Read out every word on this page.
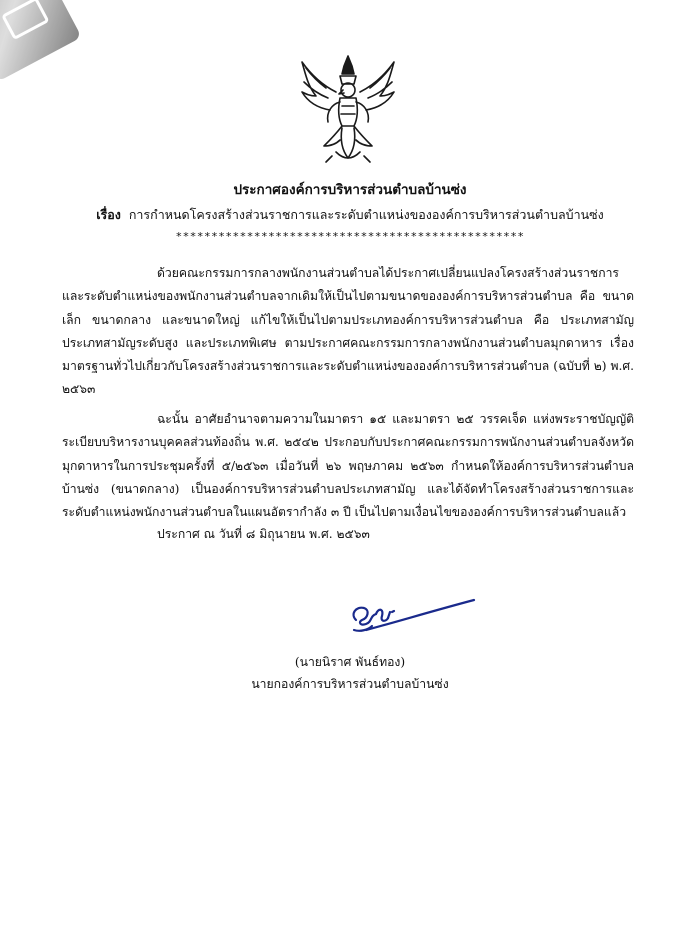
ประกาศองค์การบริหารส่วนตำบลบ้านซ่ง
เรื่อง การกำหนดโครงสร้างส่วนราชการและระดับตำแหน่งขององค์การบริหารส่วนตำบลบ้านซ่ง
*************************************************

ด้วยคณะกรรมการกลางพนักงานส่วนตำบลได้ประกาศเปลี่ยนแปลงโครงสร้างส่วนราชการและระดับตำแหน่งของพนักงานส่วนตำบลจากเดิมให้เป็นไปตามขนาดขององค์การบริหารส่วนตำบล คือ ขนาดเล็ก ขนาดกลาง และขนาดใหญ่ แก้ไขให้เป็นไปตามประเภทองค์การบริหารส่วนตำบล คือ ประเภทสามัญ ประเภทสามัญระดับสูง และประเภทพิเศษ ตามประกาศคณะกรรมการกลางพนักงานส่วนตำบลมุกดาหาร เรื่อง มาตรฐานทั่วไปเกี่ยวกับโครงสร้างส่วนราชการและระดับตำแหน่งขององค์การบริหารส่วนตำบล (ฉบับที่ ๒) พ.ศ. ๒๕๖๓

ฉะนั้น อาศัยอำนาจตามความในมาตรา ๑๕ และมาตรา ๒๕ วรรคเจ็ด แห่งพระราชบัญญัติระเบียบบริหารงานบุคคลส่วนท้องถิ่น พ.ศ. ๒๕๔๒ ประกอบกับประกาศคณะกรรมการพนักงานส่วนตำบลจังหวัดมุกดาหารในการประชุมครั้งที่ ๕/๒๕๖๓ เมื่อวันที่ ๒๖ พฤษภาคม ๒๕๖๓ กำหนดให้องค์การบริหารส่วนตำบลบ้านซ่ง (ขนาดกลาง) เป็นองค์การบริหารส่วนตำบลประเภทสามัญ และได้จัดทำโครงสร้างส่วนราชการและระดับตำแหน่งพนักงานส่วนตำบลในแผนอัตรากำลัง ๓ ปี เป็นไปตามเงื่อนไขขององค์การบริหารส่วนตำบลแล้ว

ประกาศ ณ วันที่ ๘ มิถุนายน พ.ศ. ๒๕๖๓
(นายนิราศ พันธ์ทอง)
นายกองค์การบริหารส่วนตำบลบ้านซ่ง
